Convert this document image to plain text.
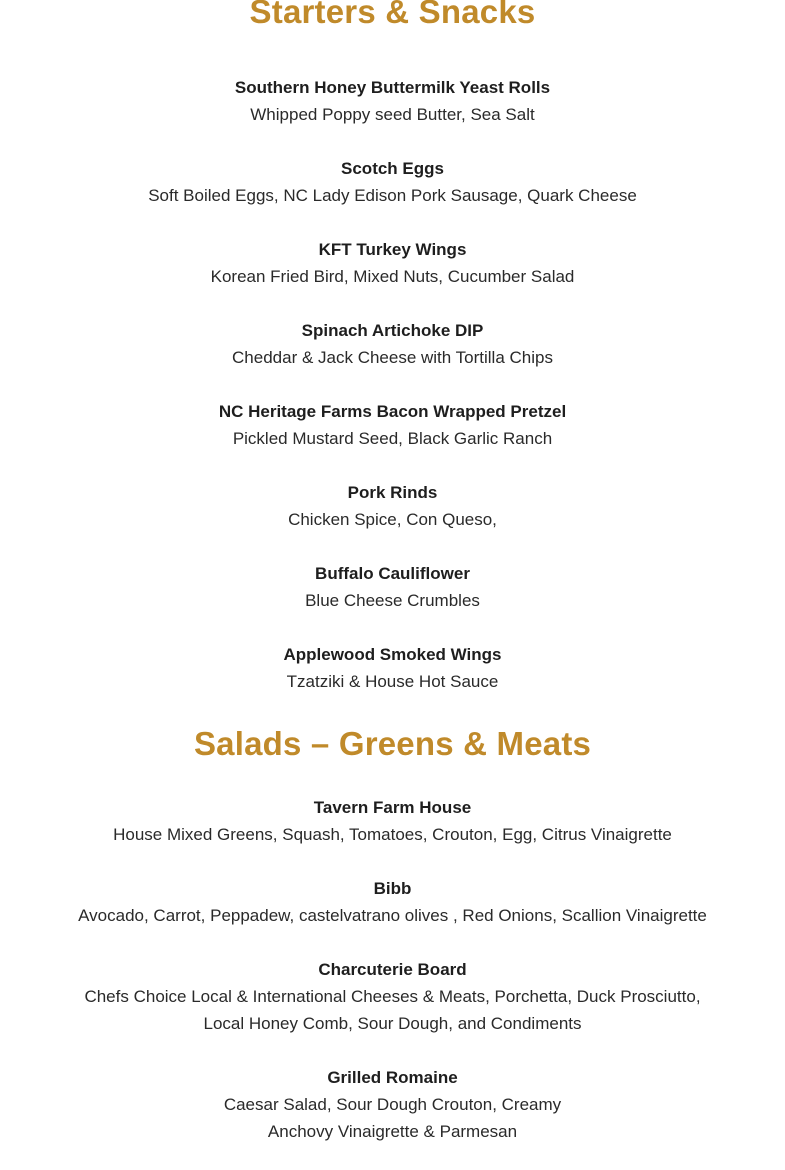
Starters & Snacks
Southern Honey Buttermilk Yeast Rolls
Whipped Poppy seed Butter, Sea Salt
Scotch Eggs
Soft Boiled Eggs, NC Lady Edison Pork Sausage, Quark Cheese
KFT Turkey Wings
Korean Fried Bird, Mixed Nuts, Cucumber Salad
Spinach Artichoke DIP
Cheddar & Jack Cheese with Tortilla Chips
NC Heritage Farms Bacon Wrapped Pretzel
Pickled Mustard Seed, Black Garlic Ranch
Pork Rinds
Chicken Spice, Con Queso,
Buffalo Cauliflower
Blue Cheese Crumbles
Applewood Smoked Wings
Tzatziki & House Hot Sauce
Salads – Greens & Meats
Tavern Farm House
House Mixed Greens, Squash, Tomatoes, Crouton, Egg, Citrus Vinaigrette
Bibb
Avocado, Carrot, Peppadew, castelvatrano olives , Red Onions, Scallion Vinaigrette
Charcuterie Board
Chefs Choice Local & International Cheeses & Meats, Porchetta, Duck Prosciutto, Local Honey Comb, Sour Dough, and Condiments
Grilled Romaine
Caesar Salad, Sour Dough Crouton, Creamy Anchovy Vinaigrette & Parmesan
